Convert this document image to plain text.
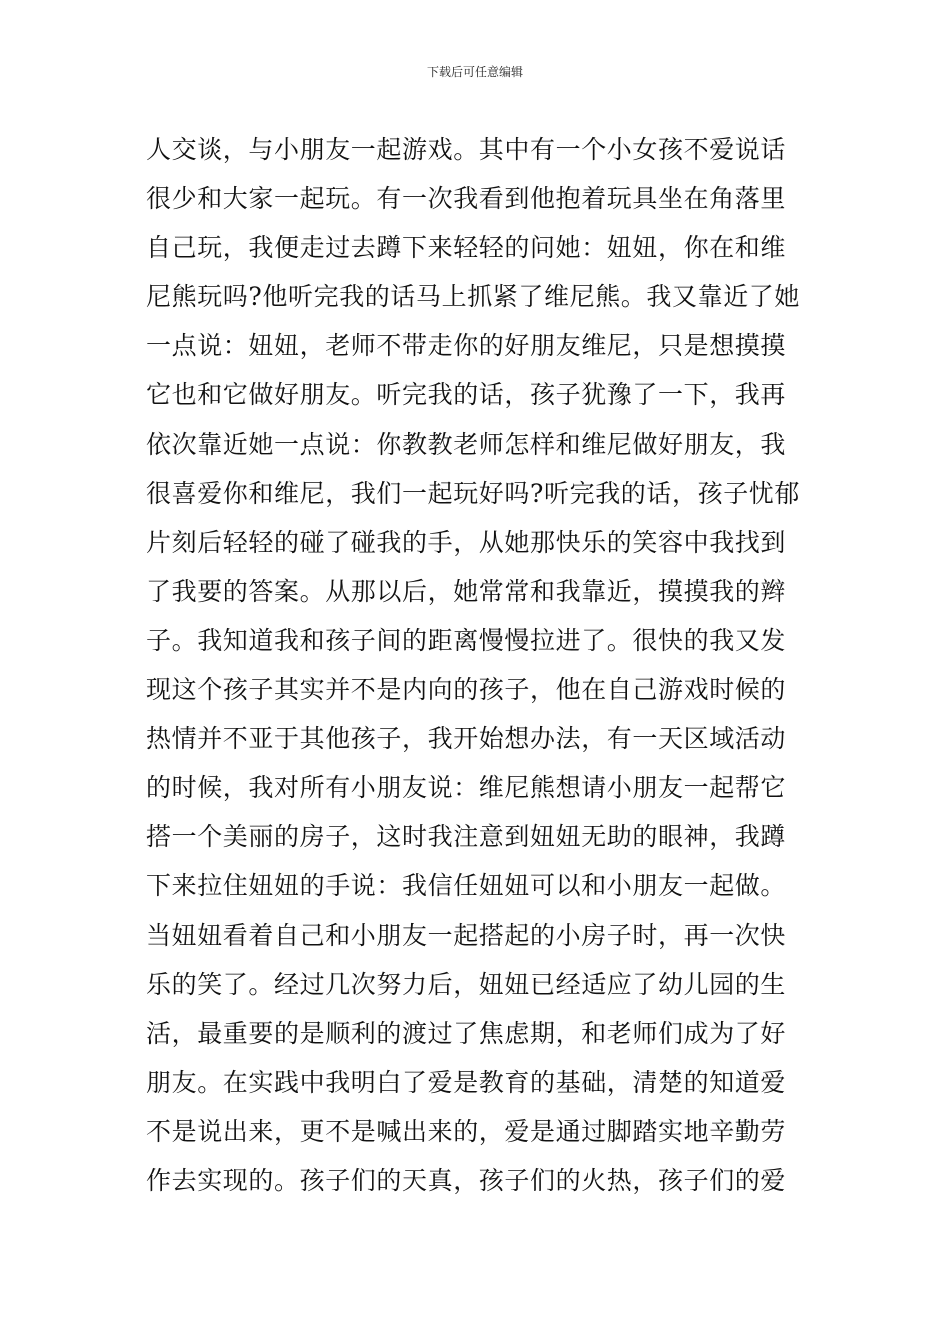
下载后可任意编辑
人交谈，与小朋友一起游戏。其中有一个小女孩不爱说话
很少和大家一起玩。有一次我看到他抱着玩具坐在角落里
自己玩，我便走过去蹲下来轻轻的问她：妞妞，你在和维
尼熊玩吗?他听完我的话马上抓紧了维尼熊。我又靠近了她
一点说：妞妞，老师不带走你的好朋友维尼，只是想摸摸
它也和它做好朋友。听完我的话，孩子犹豫了一下，我再
依次靠近她一点说：你教教老师怎样和维尼做好朋友，我
很喜爱你和维尼，我们一起玩好吗?听完我的话，孩子忧郁
片刻后轻轻的碰了碰我的手，从她那快乐的笑容中我找到
了我要的答案。从那以后，她常常和我靠近，摸摸我的辫
子。我知道我和孩子间的距离慢慢拉进了。很快的我又发
现这个孩子其实并不是内向的孩子，他在自己游戏时候的
热情并不亚于其他孩子，我开始想办法，有一天区域活动
的时候，我对所有小朋友说：维尼熊想请小朋友一起帮它
搭一个美丽的房子，这时我注意到妞妞无助的眼神，我蹲
下来拉住妞妞的手说：我信任妞妞可以和小朋友一起做。
当妞妞看着自己和小朋友一起搭起的小房子时，再一次快
乐的笑了。经过几次努力后，妞妞已经适应了幼儿园的生
活，最重要的是顺利的渡过了焦虑期，和老师们成为了好
朋友。在实践中我明白了爱是教育的基础，清楚的知道爱
不是说出来，更不是喊出来的，爱是通过脚踏实地辛勤劳
作去实现的。孩子们的天真，孩子们的火热，孩子们的爱
